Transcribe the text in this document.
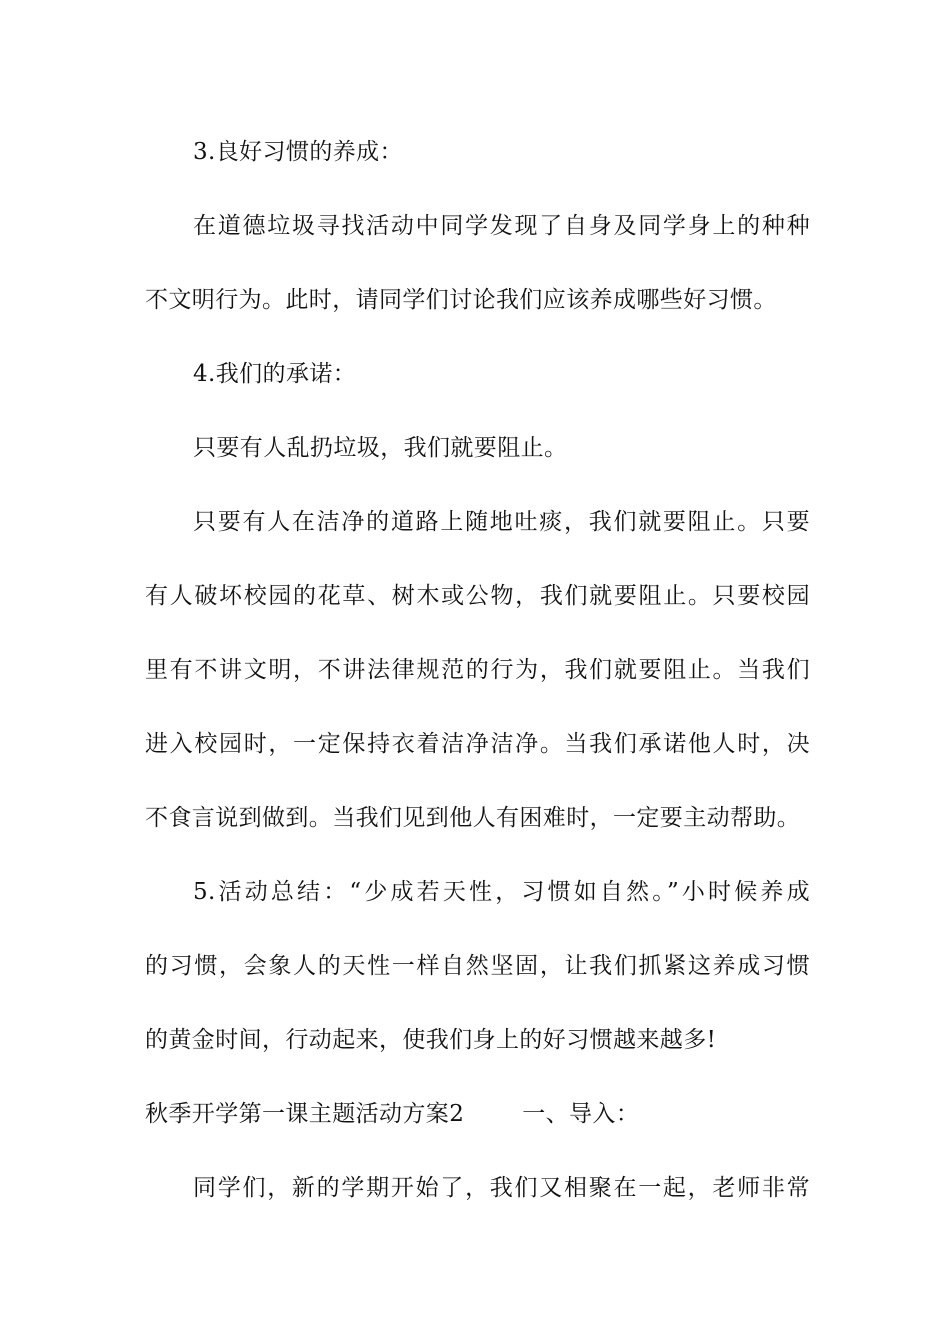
3.良好习惯的养成：
在道德垃圾寻找活动中同学发现了自身及同学身上的种种
不文明行为。此时，请同学们讨论我们应该养成哪些好习惯。
4.我们的承诺：
只要有人乱扔垃圾，我们就要阻止。
只要有人在洁净的道路上随地吐痰，我们就要阻止。只要
有人破坏校园的花草、树木或公物，我们就要阻止。只要校园
里有不讲文明，不讲法律规范的行为，我们就要阻止。当我们
进入校园时，一定保持衣着洁净洁净。当我们承诺他人时，决
不食言说到做到。当我们见到他人有困难时，一定要主动帮助。
5.活动总结：“少成若天性，习惯如自然。”小时候养成
的习惯，会象人的天性一样自然坚固，让我们抓紧这养成习惯
的黄金时间，行动起来，使我们身上的好习惯越来越多!
秋季开学第一课主题活动方案2	一、导入：
同学们，新的学期开始了，我们又相聚在一起，老师非常
